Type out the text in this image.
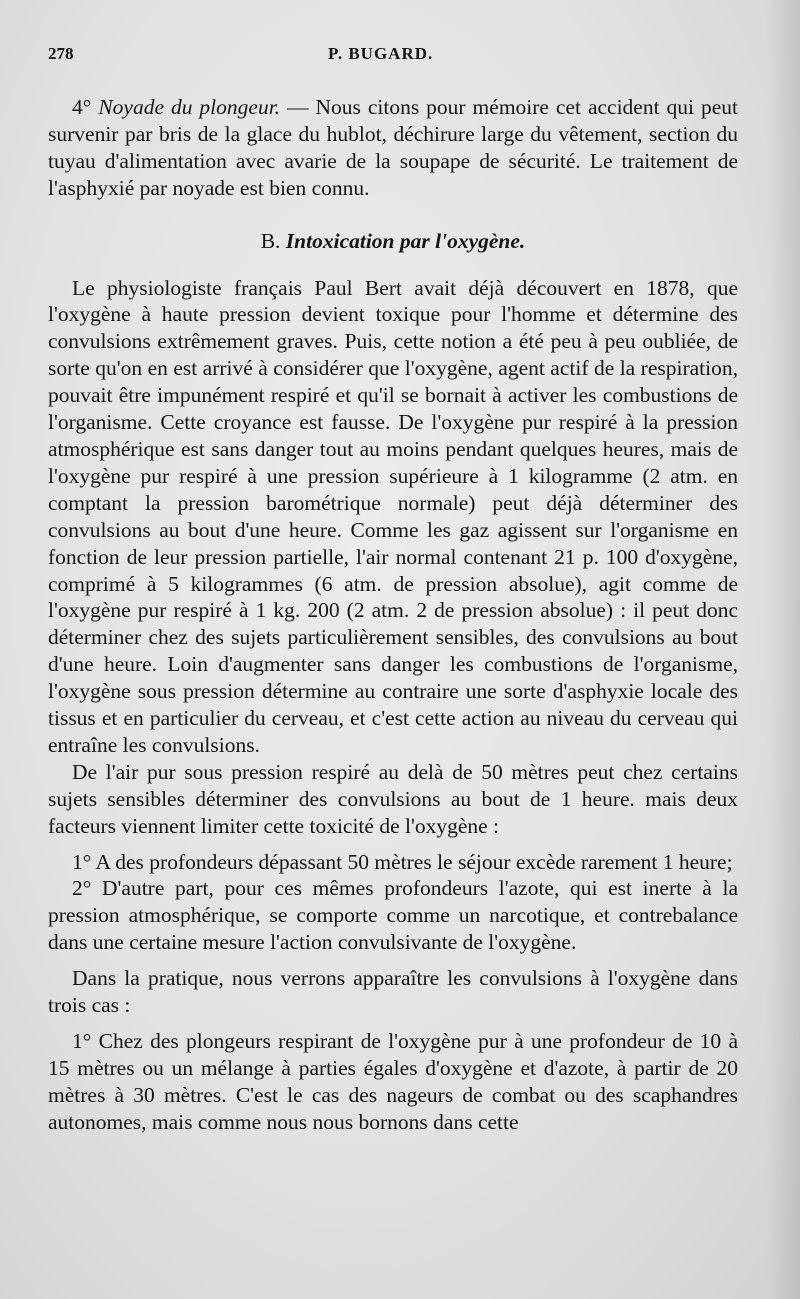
278	P. BUGARD.

4° Noyade du plongeur. — Nous citons pour mémoire cet accident qui peut survenir par bris de la glace du hublot, déchirure large du vêtement, section du tuyau d'alimentation avec avarie de la soupape de sécurité. Le traitement de l'asphyxié par noyade est bien connu.

B. Intoxication par l'oxygène.

Le physiologiste français Paul Bert avait déjà découvert en 1878, que l'oxygène à haute pression devient toxique pour l'homme et détermine des convulsions extrêmement graves. Puis, cette notion a été peu à peu oubliée, de sorte qu'on en est arrivé à considérer que l'oxygène, agent actif de la respiration, pouvait être impunément respiré et qu'il se bornait à activer les combustions de l'organisme. Cette croyance est fausse. De l'oxygène pur respiré à la pression atmosphérique est sans danger tout au moins pendant quelques heures, mais de l'oxygène pur respiré à une pression supérieure à 1 kilogramme (2 atm. en comptant la pression barométrique normale) peut déjà déterminer des convulsions au bout d'une heure. Comme les gaz agissent sur l'organisme en fonction de leur pression partielle, l'air normal contenant 21 p. 100 d'oxygène, comprimé à 5 kilogrammes (6 atm. de pression absolue), agit comme de l'oxygène pur respiré à 1 kg. 200 (2 atm. 2 de pression absolue) : il peut donc déterminer chez des sujets particulièrement sensibles, des convulsions au bout d'une heure. Loin d'augmenter sans danger les combustions de l'organisme, l'oxygène sous pression détermine au contraire une sorte d'asphyxie locale des tissus et en particulier du cerveau, et c'est cette action au niveau du cerveau qui entraîne les convulsions.

De l'air pur sous pression respiré au delà de 50 mètres peut chez certains sujets sensibles déterminer des convulsions au bout de 1 heure. mais deux facteurs viennent limiter cette toxicité de l'oxygène :

1° A des profondeurs dépassant 50 mètres le séjour excède rarement 1 heure;

2° D'autre part, pour ces mêmes profondeurs l'azote, qui est inerte à la pression atmosphérique, se comporte comme un narcotique, et contrebalance dans une certaine mesure l'action convulsivante de l'oxygène.

Dans la pratique, nous verrons apparaître les convulsions à l'oxygène dans trois cas :

1° Chez des plongeurs respirant de l'oxygène pur à une profondeur de 10 à 15 mètres ou un mélange à parties égales d'oxygène et d'azote, à partir de 20 mètres à 30 mètres. C'est le cas des nageurs de combat ou des scaphandres autonomes, mais comme nous nous bornons dans cette
